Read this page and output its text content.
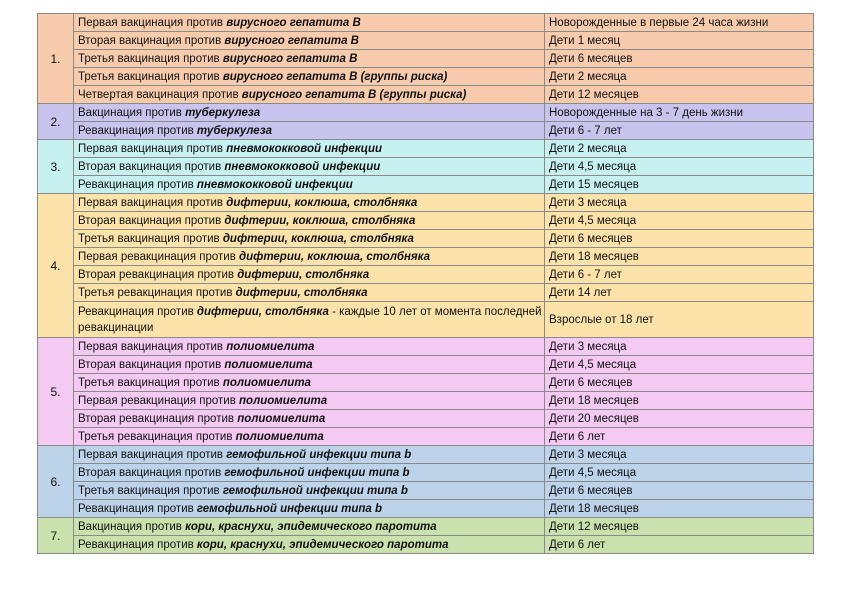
1.	Первая вакцинация против вирусного гепатита В	Новорожденные в первые 24 часа жизни
	Вторая вакцинация против вирусного гепатита В	Дети 1 месяц
	Третья вакцинация против вирусного гепатита В	Дети 6 месяцев
	Третья вакцинация против вирусного гепатита В (группы риска)	Дети 2 месяца
	Четвертая вакцинация против вирусного гепатита В (группы риска)	Дети 12 месяцев
2.	Вакцинация против туберкулеза	Новорожденные на 3 - 7 день жизни
	Ревакцинация против туберкулеза	Дети 6 - 7 лет
3.	Первая вакцинация против пневмококковой инфекции	Дети 2 месяца
	Вторая вакцинация против пневмококковой инфекции	Дети 4,5 месяца
	Ревакцинация против пневмококковой инфекции	Дети 15 месяцев
4.	Первая вакцинация против дифтерии, коклюша, столбняка	Дети 3 месяца
	Вторая вакцинация против дифтерии, коклюша, столбняка	Дети 4,5 месяца
	Третья вакцинация против дифтерии, коклюша, столбняка	Дети 6 месяцев
	Первая ревакцинация против дифтерии, коклюша, столбняка	Дети 18 месяцев
	Вторая ревакцинация против дифтерии, столбняка	Дети 6 - 7 лет
	Третья ревакцинация против дифтерии, столбняка	Дети 14 лет
	Ревакцинация против дифтерии, столбняка - каждые 10 лет от момента последней ревакцинации	Взрослые от 18 лет
5.	Первая вакцинация против полиомиелита	Дети 3 месяца
	Вторая вакцинация против полиомиелита	Дети 4,5 месяца
	Третья вакцинация против полиомиелита	Дети 6 месяцев
	Первая ревакцинация против полиомиелита	Дети 18 месяцев
	Вторая ревакцинация против полиомиелита	Дети 20 месяцев
	Третья ревакцинация против полиомиелита	Дети 6 лет
6.	Первая вакцинация против гемофильной инфекции типа b	Дети 3 месяца
	Вторая вакцинация против гемофильной инфекции типа b	Дети 4,5 месяца
	Третья вакцинация против гемофильной инфекции типа b	Дети 6 месяцев
	Ревакцинация против гемофильной инфекции типа b	Дети 18 месяцев
7.	Вакцинация против кори, краснухи, эпидемического паротита	Дети 12 месяцев
	Ревакцинация против кори, краснухи, эпидемического паротита	Дети 6 лет
